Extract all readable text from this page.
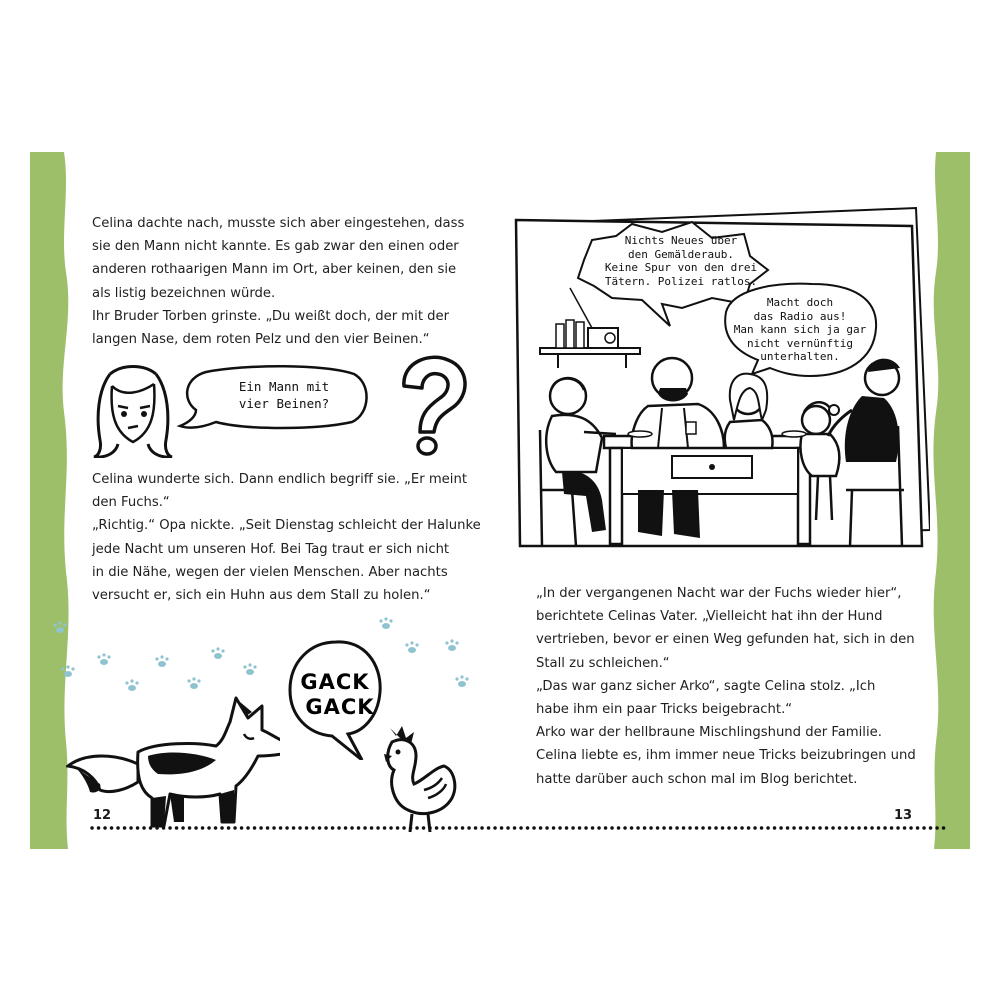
Celina dachte nach, musste sich aber eingestehen, dass

sie den Mann nicht kannte. Es gab zwar den einen oder

anderen rothaarigen Mann im Ort, aber keinen, den sie

als listig bezeichnen würde.

Ihr Bruder Torben grinste. „Du weißt doch, der mit der

langen Nase, dem roten Pelz und den vier Beinen.“

Ein Mann mit
vier Beinen?

Celina wunderte sich. Dann endlich begriff sie. „Er meint

den Fuchs.“

„Richtig.“ Opa nickte. „Seit Dienstag schleicht der Halunke

jede Nacht um unseren Hof. Bei Tag traut er sich nicht

in die Nähe, wegen der vielen Menschen. Aber nachts

versucht er, sich ein Huhn aus dem Stall zu holen.“

GACK
GACK
12	13
Nichts Neues über
den Gemälderaub.
Keine Spur von den drei
Tätern. Polizei ratlos.
Macht doch
das Radio aus!
Man kann sich ja gar
nicht vernünftig
unterhalten.

„In der vergangenen Nacht war der Fuchs wieder hier“,

berichtete Celinas Vater. „Vielleicht hat ihn der Hund

vertrieben, bevor er einen Weg gefunden hat, sich in den

Stall zu schleichen.“

„Das war ganz sicher Arko“, sagte Celina stolz. „Ich

habe ihm ein paar Tricks beigebracht.“

Arko war der hellbraune Mischlingshund der Familie.

Celina liebte es, ihm immer neue Tricks beizubringen und

hatte darüber auch schon mal im Blog berichtet.
